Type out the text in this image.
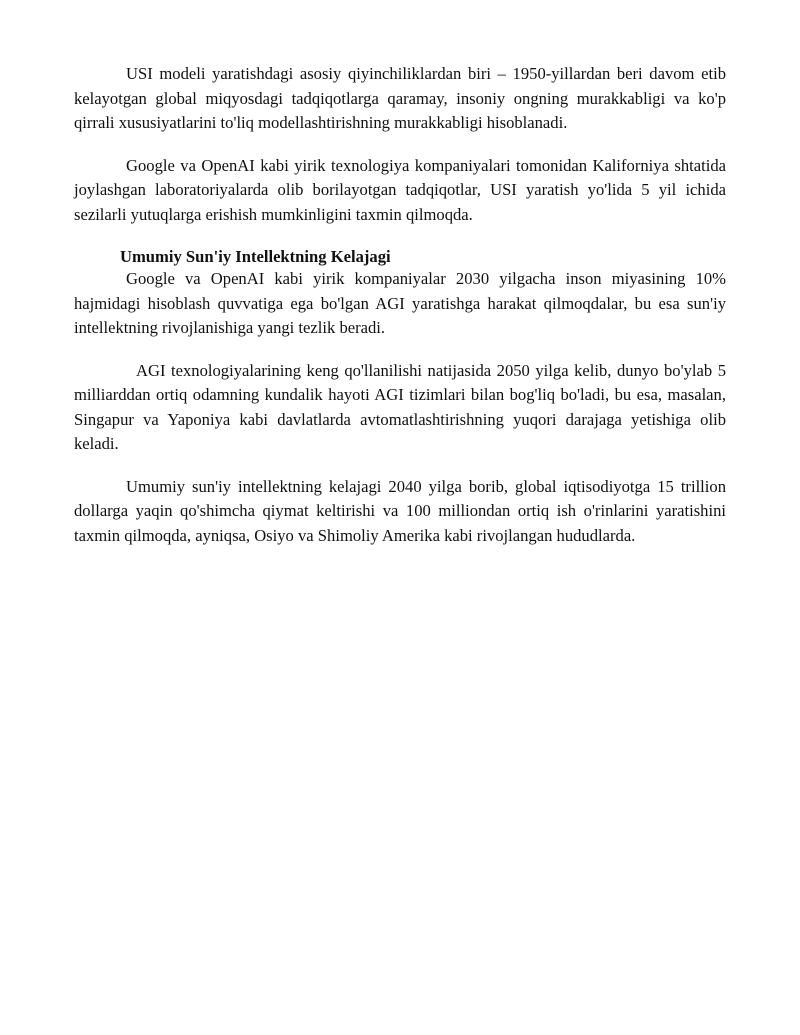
USI modeli yaratishdagi asosiy qiyinchiliklardan biri – 1950-yillardan beri davom etib kelayotgan global miqyosdagi tadqiqotlarga qaramay, insoniy ongning murakkabligi va ko'p qirrali xususiyatlarini to'liq modellashtirishning murakkabligi hisoblanadi.

Google va OpenAI kabi yirik texnologiya kompaniyalari tomonidan Kaliforniya shtatida joylashgan laboratoriyalarda olib borilayotgan tadqiqotlar, USI yaratish yo'lida 5 yil ichida sezilarli yutuqlarga erishish mumkinligini taxmin qilmoqda.

Umumiy Sun'iy Intellektning Kelajagi

Google va OpenAI kabi yirik kompaniyalar 2030 yilgacha inson miyasining 10% hajmidagi hisoblash quvvatiga ega bo'lgan AGI yaratishga harakat qilmoqdalar, bu esa sun'iy intellektning rivojlanishiga yangi tezlik beradi.

AGI texnologiyalarining keng qo'llanilishi natijasida 2050 yilga kelib, dunyo bo'ylab 5 milliarddan ortiq odamning kundalik hayoti AGI tizimlari bilan bog'liq bo'ladi, bu esa, masalan, Singapur va Yaponiya kabi davlatlarda avtomatlashtirishning yuqori darajaga yetishiga olib keladi.

Umumiy sun'iy intellektning kelajagi 2040 yilga borib, global iqtisodiyotga 15 trillion dollarga yaqin qo'shimcha qiymat keltirishi va 100 milliondan ortiq ish o'rinlarini yaratishini taxmin qilmoqda, ayniqsa, Osiyo va Shimoliy Amerika kabi rivojlangan hududlarda.
